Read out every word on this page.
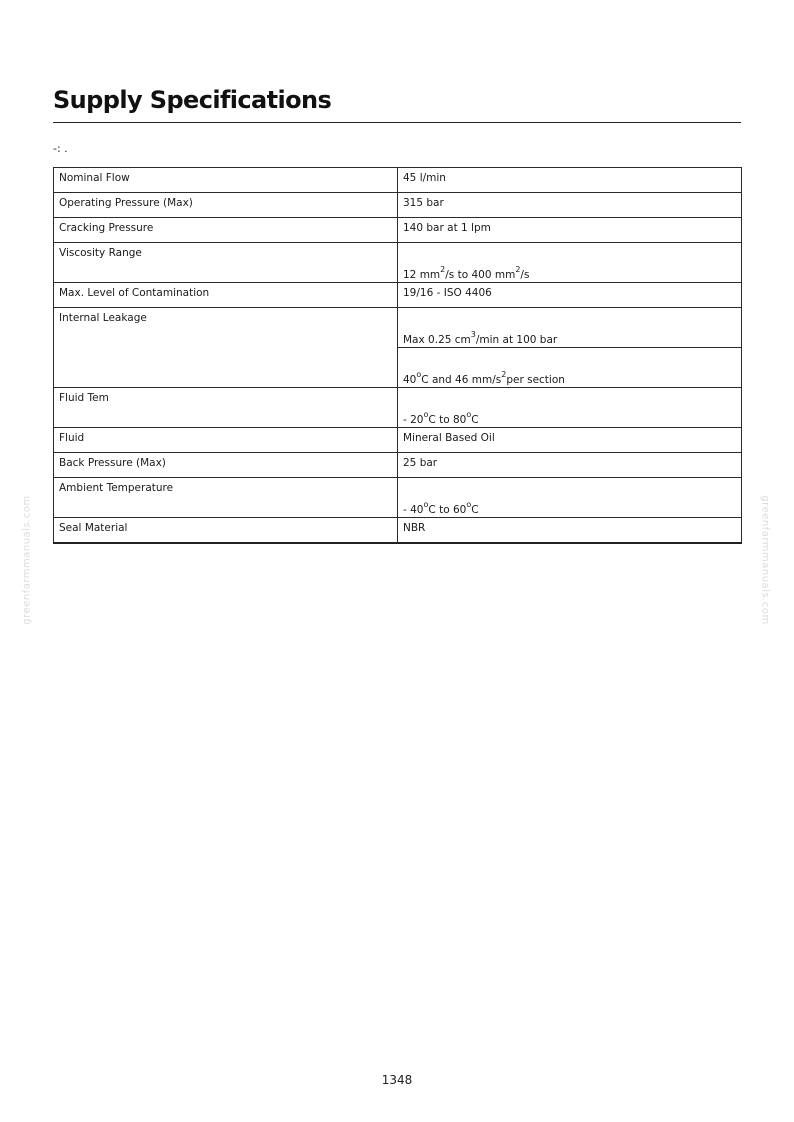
Supply Specifications
-: .
Nominal Flow	45 l/min
Operating Pressure (Max)	315 bar
Cracking Pressure	140 bar at 1 lpm
Viscosity Range	12 $mm^2/s$ to 400 $mm^2/s$
Max. Level of Contamination	19/16 - ISO 4406
Internal Leakage	Max 0.25 $cm^3/\min$ at 100 bar
	40$^o$C and 46 $mm/s^2per$ section
Fluid Tem	- 20$^o$C to 80$^o$C
Fluid	Mineral Based Oil
Back Pressure (Max)	25 bar
Ambient Temperature	- 40$^o$C to 60$^o$C
Seal Material	NBR
greenfarmmanuals.com	greenfarmmanuals.com
1348
